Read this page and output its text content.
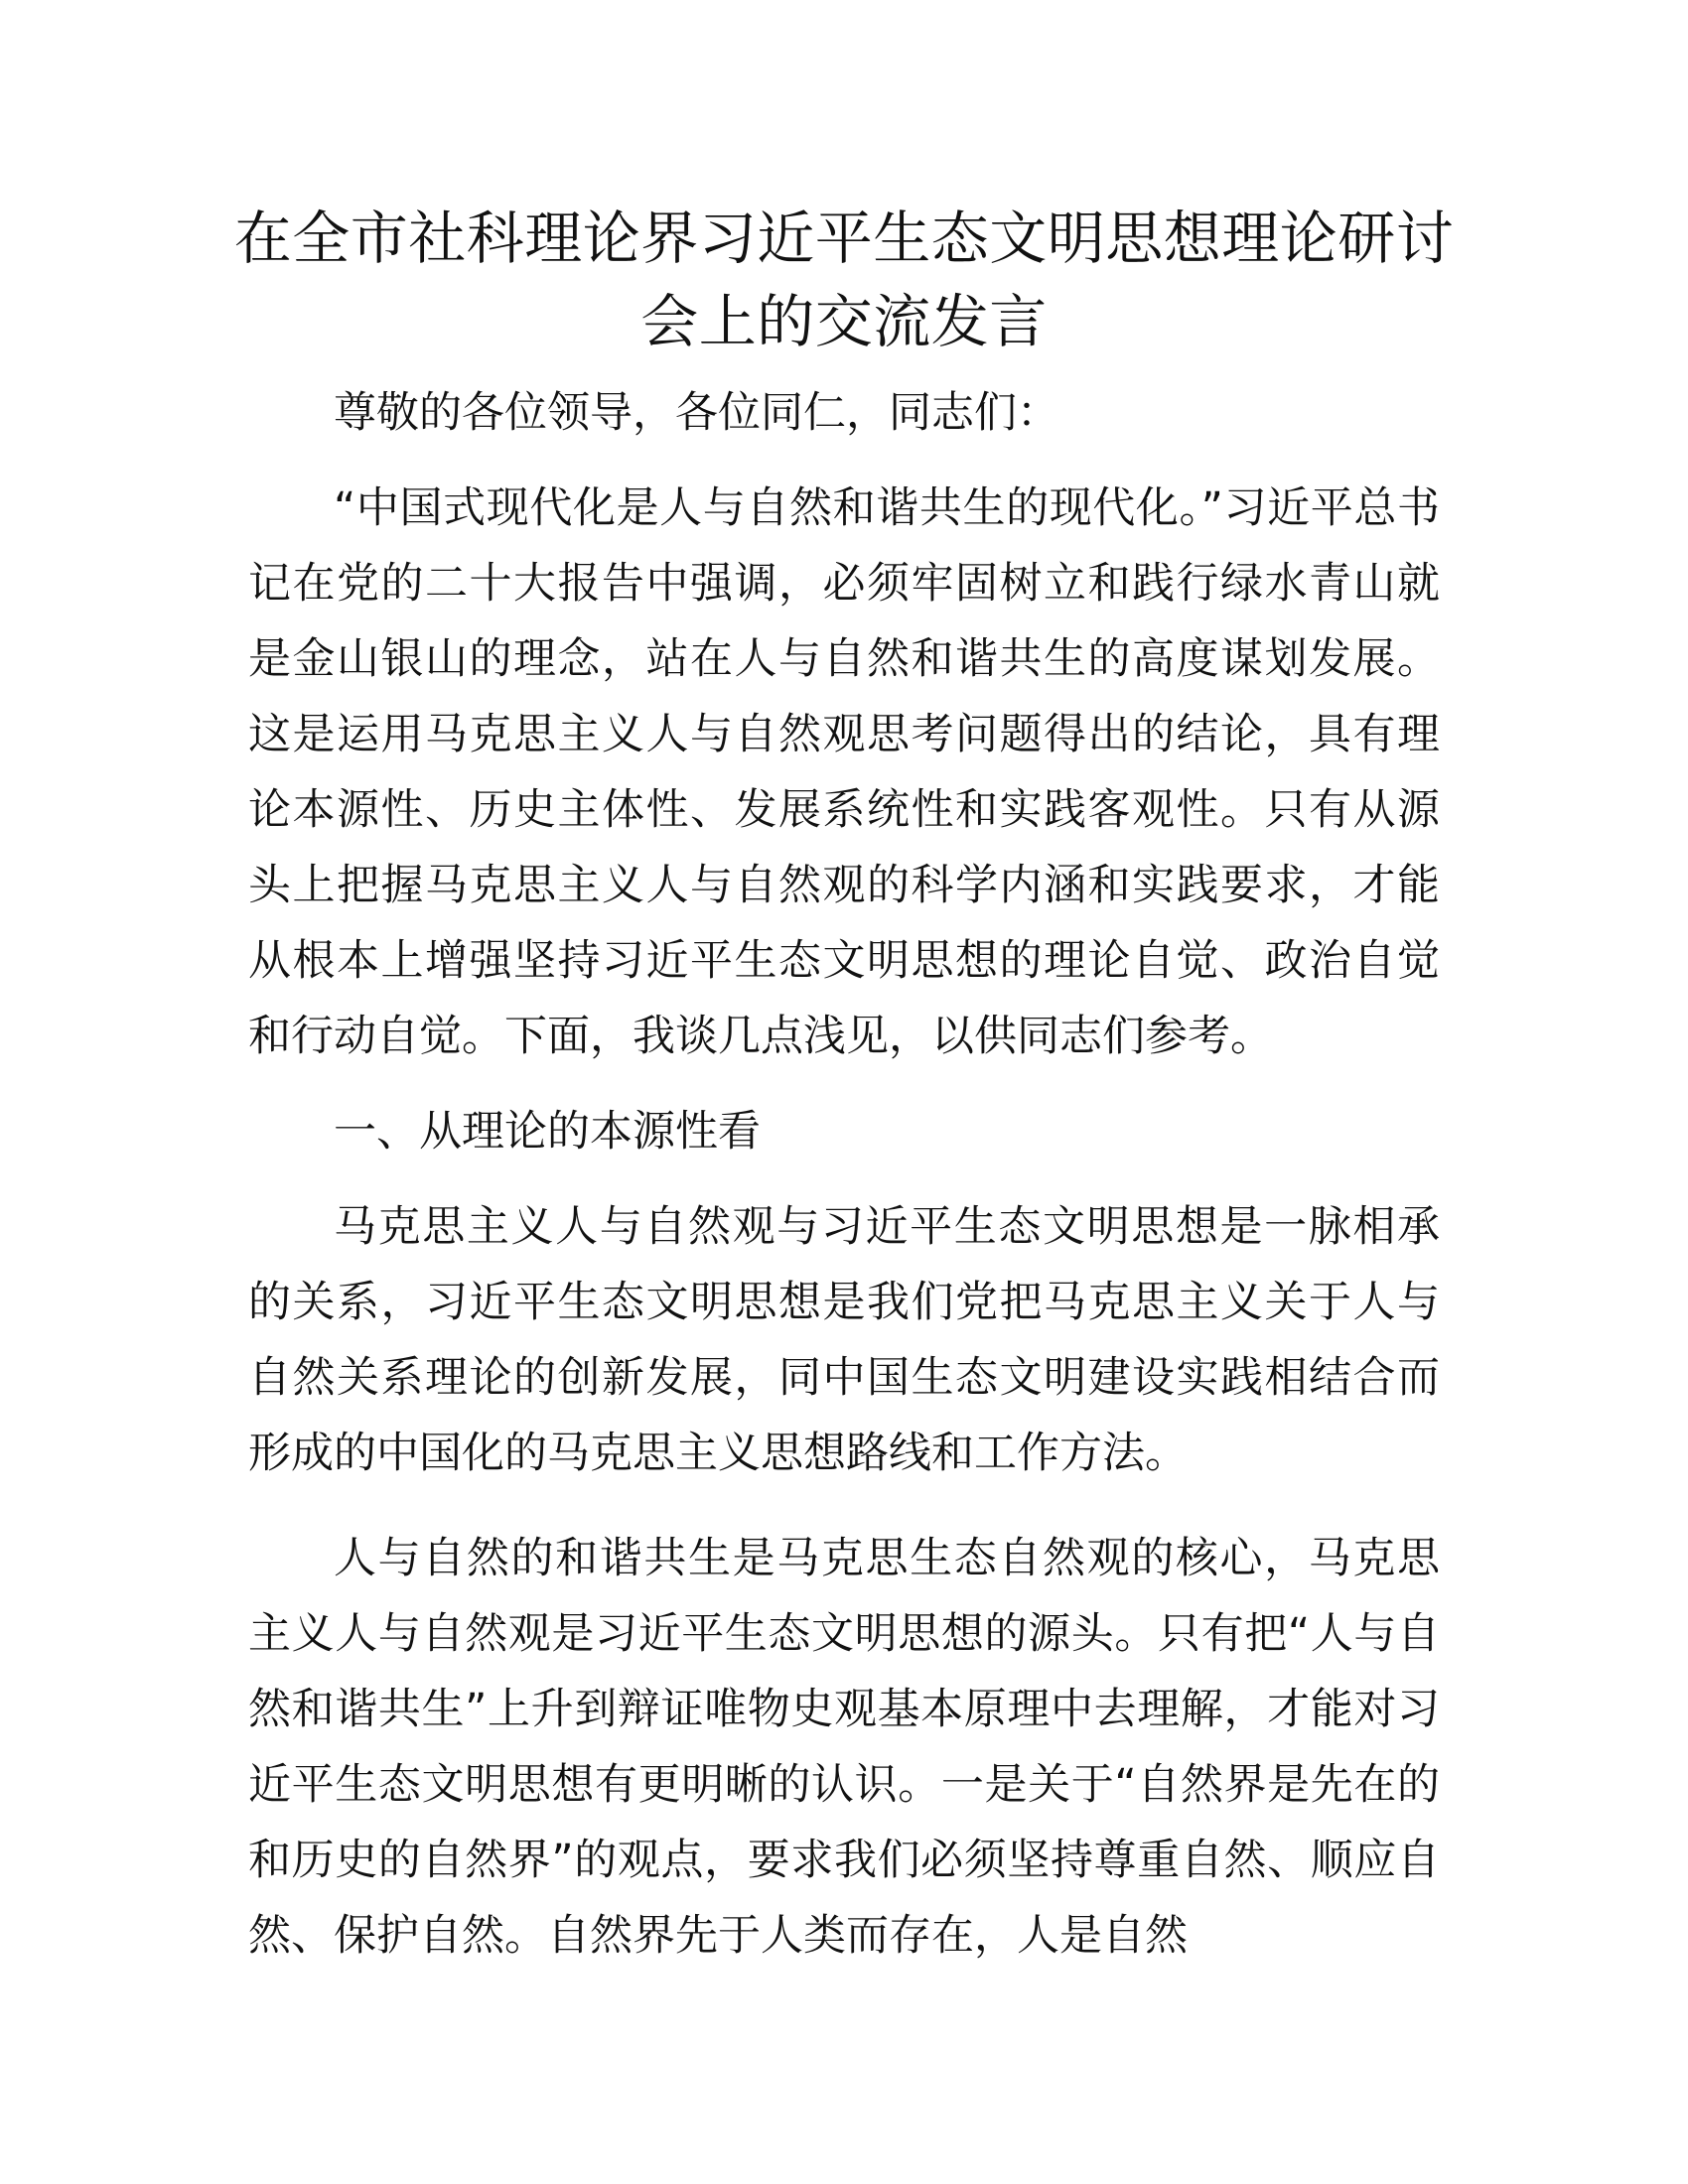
在全市社科理论界习近平生态文明思想理论研讨会上的交流发言

尊敬的各位领导，各位同仁，同志们：

“中国式现代化是人与自然和谐共生的现代化。”习近平总书记在党的二十大报告中强调，必须牢固树立和践行绿水青山就是金山银山的理念，站在人与自然和谐共生的高度谋划发展。这是运用马克思主义人与自然观思考问题得出的结论，具有理论本源性、历史主体性、发展系统性和实践客观性。只有从源头上把握马克思主义人与自然观的科学内涵和实践要求，才能从根本上增强坚持习近平生态文明思想的理论自觉、政治自觉和行动自觉。下面，我谈几点浅见，以供同志们参考。

一、从理论的本源性看

马克思主义人与自然观与习近平生态文明思想是一脉相承的关系，习近平生态文明思想是我们党把马克思主义关于人与自然关系理论的创新发展，同中国生态文明建设实践相结合而形成的中国化的马克思主义思想路线和工作方法。

人与自然的和谐共生是马克思生态自然观的核心，马克思主义人与自然观是习近平生态文明思想的源头。只有把“人与自然和谐共生”上升到辩证唯物史观基本原理中去理解，才能对习近平生态文明思想有更明晰的认识。一是关于“自然界是先在的和历史的自然界”的观点，要求我们必须坚持尊重自然、顺应自然、保护自然。自然界先于人类而存在，人是自然
